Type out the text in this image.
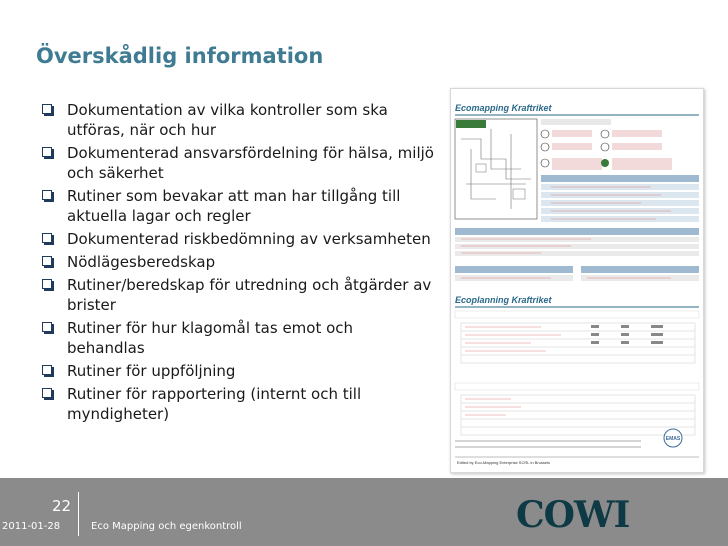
Överskådlig information
Dokumentation av vilka kontroller som ska utföras, när och hur
Dokumenterad ansvarsfördelning för hälsa, miljö och säkerhet
Rutiner som bevakar att man har tillgång till aktuella lagar och regler
Dokumenterad riskbedömning av verksamheten
Nödlägesberedskap
Rutiner/beredskap för utredning och åtgärder av brister
Rutiner för hur klagomål tas emot och behandlas
Rutiner för uppföljning
Rutiner för rapportering (internt och till myndigheter)
Ecomapping Kraftriket
Ecoplanning Kraftriket
EMAS
Edited by Eco-Mapping Enterprise SCRL in Brussels
22
2011-01-28	Eco Mapping och egenkontroll	COWI
